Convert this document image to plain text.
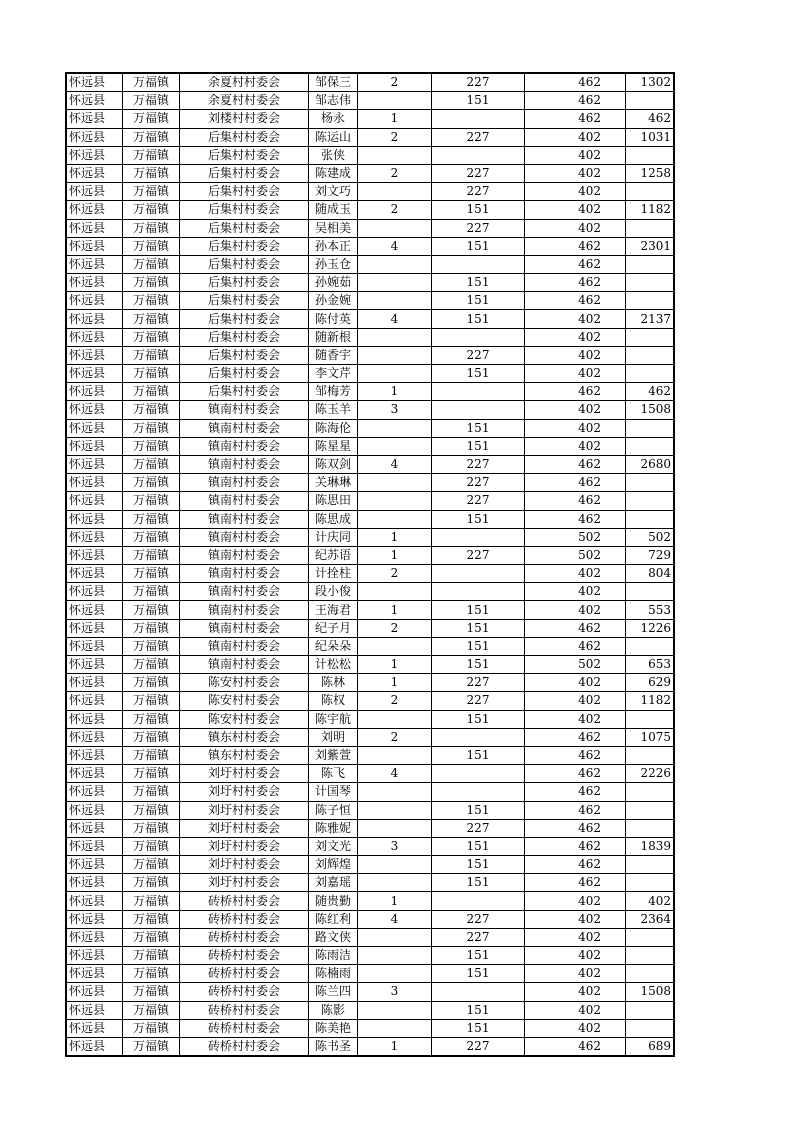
怀远县	万福镇	余夏村村委会	邹保三	2	227	462	1302
怀远县	万福镇	余夏村村委会	邹志伟		151	462	
怀远县	万福镇	刘楼村村委会	杨永	1		462	462
怀远县	万福镇	后集村村委会	陈运山	2	227	402	1031
怀远县	万福镇	后集村村委会	张侠			402	
怀远县	万福镇	后集村村委会	陈建成	2	227	402	1258
怀远县	万福镇	后集村村委会	刘文巧		227	402	
怀远县	万福镇	后集村村委会	随成玉	2	151	402	1182
怀远县	万福镇	后集村村委会	吴相美		227	402	
怀远县	万福镇	后集村村委会	孙本正	4	151	462	2301
怀远县	万福镇	后集村村委会	孙玉仓			462	
怀远县	万福镇	后集村村委会	孙婉茹		151	462	
怀远县	万福镇	后集村村委会	孙金婉		151	462	
怀远县	万福镇	后集村村委会	陈付英	4	151	402	2137
怀远县	万福镇	后集村村委会	随新根			402	
怀远县	万福镇	后集村村委会	随香宇		227	402	
怀远县	万福镇	后集村村委会	李文芹		151	402	
怀远县	万福镇	后集村村委会	邹梅芳	1		462	462
怀远县	万福镇	镇南村村委会	陈玉羊	3		402	1508
怀远县	万福镇	镇南村村委会	陈海伦		151	402	
怀远县	万福镇	镇南村村委会	陈星星		151	402	
怀远县	万福镇	镇南村村委会	陈双剑	4	227	462	2680
怀远县	万福镇	镇南村村委会	关琳琳		227	462	
怀远县	万福镇	镇南村村委会	陈思田		227	462	
怀远县	万福镇	镇南村村委会	陈思成		151	462	
怀远县	万福镇	镇南村村委会	计庆同	1		502	502
怀远县	万福镇	镇南村村委会	纪苏语	1	227	502	729
怀远县	万福镇	镇南村村委会	计拴柱	2		402	804
怀远县	万福镇	镇南村村委会	段小俊			402	
怀远县	万福镇	镇南村村委会	王海君	1	151	402	553
怀远县	万福镇	镇南村村委会	纪子月	2	151	462	1226
怀远县	万福镇	镇南村村委会	纪朵朵		151	462	
怀远县	万福镇	镇南村村委会	计松松	1	151	502	653
怀远县	万福镇	陈安村村委会	陈林	1	227	402	629
怀远县	万福镇	陈安村村委会	陈权	2	227	402	1182
怀远县	万福镇	陈安村村委会	陈宇航		151	402	
怀远县	万福镇	镇东村村委会	刘明	2		462	1075
怀远县	万福镇	镇东村村委会	刘紫萱		151	462	
怀远县	万福镇	刘圩村村委会	陈飞	4		462	2226
怀远县	万福镇	刘圩村村委会	计国琴			462	
怀远县	万福镇	刘圩村村委会	陈子恒		151	462	
怀远县	万福镇	刘圩村村委会	陈雅妮		227	462	
怀远县	万福镇	刘圩村村委会	刘文光	3	151	462	1839
怀远县	万福镇	刘圩村村委会	刘辉煌		151	462	
怀远县	万福镇	刘圩村村委会	刘嘉瑶		151	462	
怀远县	万福镇	砖桥村村委会	随贵勤	1		402	402
怀远县	万福镇	砖桥村村委会	陈红利	4	227	402	2364
怀远县	万福镇	砖桥村村委会	路文侠		227	402	
怀远县	万福镇	砖桥村村委会	陈雨洁		151	402	
怀远县	万福镇	砖桥村村委会	陈楠雨		151	402	
怀远县	万福镇	砖桥村村委会	陈兰四	3		402	1508
怀远县	万福镇	砖桥村村委会	陈影		151	402	
怀远县	万福镇	砖桥村村委会	陈美艳		151	402	
怀远县	万福镇	砖桥村村委会	陈书圣	1	227	462	689
